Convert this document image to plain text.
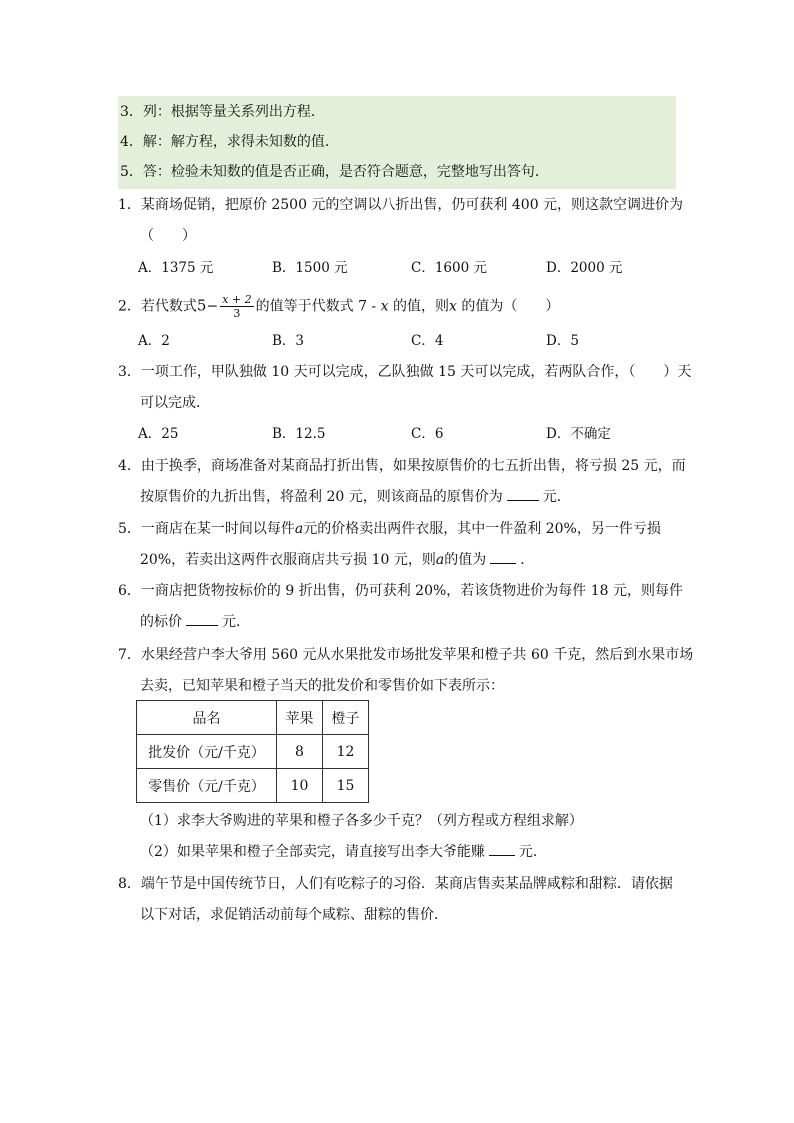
3．列：根据等量关系列出方程．
4．解：解方程，求得未知数的值．
5．答：检验未知数的值是否正确，是否符合题意，完整地写出答句．
1．某商场促销，把原价 2500 元的空调以八折出售，仍可获利 400 元，则这款空调进价为
（　　）
A．1375 元	B．1500 元	C．1600 元	D．2000 元
2．若代数式$5- \frac{x + 2}{3}$ 的值等于代数式 7 - x 的值，则x 的值为（　　）
A．2	B．3	C．4	D．5
3．一项工作，甲队独做 10 天可以完成，乙队独做 15 天可以完成，若两队合作，（　　）天
可以完成．
A．25	B．12.5	C．6	D．不确定
4．由于换季，商场准备对某商品打折出售，如果按原售价的七五折出售，将亏损 25 元，而
按原售价的九折出售，将盈利 20 元，则该商品的原售价为	元．
5．一商店在某一时间以每件a元的价格卖出两件衣服，其中一件盈利 20%，另一件亏损
20%，若卖出这两件衣服商店共亏损 10 元，则a的值为 ．
6．一商店把货物按标价的 9 折出售，仍可获利 20%，若该货物进价为每件 18 元，则每件
的标价	元．
7．水果经营户李大爷用 560 元从水果批发市场批发苹果和橙子共 60 千克，然后到水果市场
去卖，已知苹果和橙子当天的批发价和零售价如下表所示：
品名	苹果	橙子
批发价（元/千克）	8	12
零售价（元/千克）	10	15
（1）求李大爷购进的苹果和橙子各多少千克？（列方程或方程组求解）
（2）如果苹果和橙子全部卖完，请直接写出李大爷能赚 元．
8．端午节是中国传统节日，人们有吃粽子的习俗．某商店售卖某品牌咸粽和甜粽．请依据
以下对话，求促销活动前每个咸粽、甜粽的售价．
